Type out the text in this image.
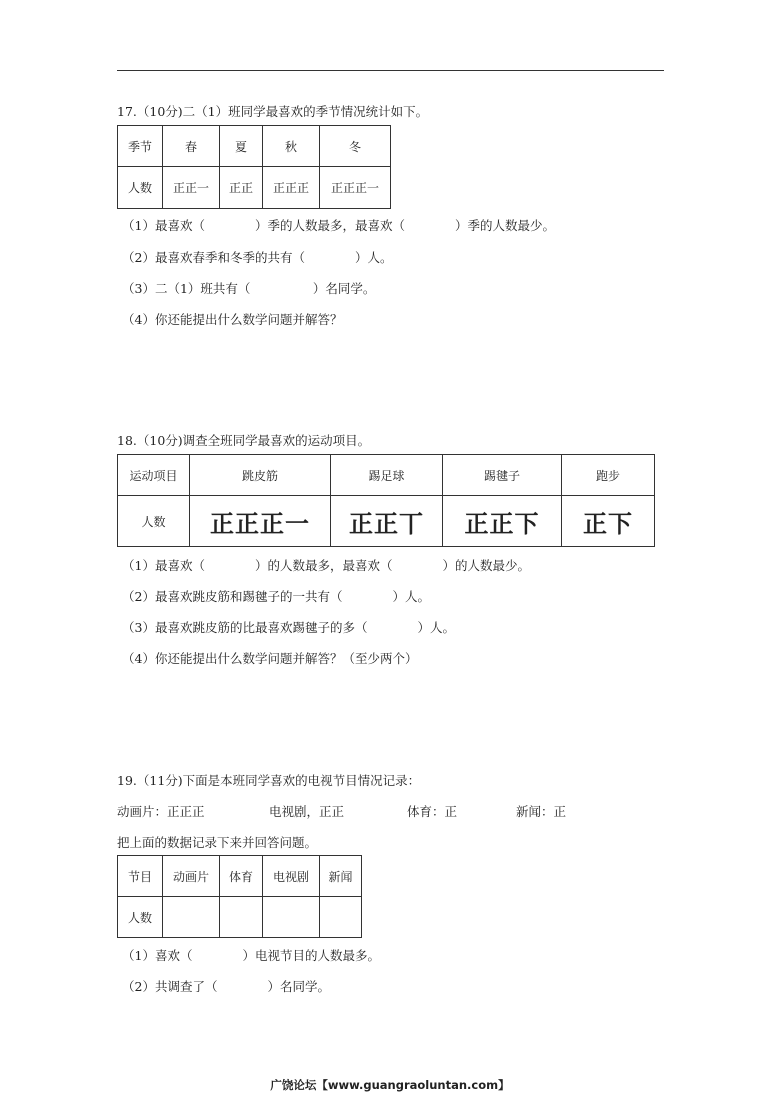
17.（10分)二（1）班同学最喜欢的季节情况统计如下。
季节	春	夏	秋	冬
人数	正正一	正正	正正正	正正正一
（1）最喜欢（　　　　）季的人数最多，最喜欢（　　　　）季的人数最少。
（2）最喜欢春季和冬季的共有（　　　　）人。
（3）二（1）班共有（　　　　　）名同学。
（4）你还能提出什么数学问题并解答？
18.（10分)调查全班同学最喜欢的运动项目。
运动项目	跳皮筋	踢足球	踢毽子	跑步
人数	正正正一	正正丅	正正下	正下
（1）最喜欢（　　　　）的人数最多，最喜欢（　　　　）的人数最少。
（2）最喜欢跳皮筋和踢毽子的一共有（　　　　）人。
（3）最喜欢跳皮筋的比最喜欢踢毽子的多（　　　　）人。
（4）你还能提出什么数学问题并解答？（至少两个）
19.（11分)下面是本班同学喜欢的电视节目情况记录：
动画片：正正正	电视剧，正正	体育：正	新闻：正
把上面的数据记录下来并回答问题。
节目	动画片	体育	电视剧	新闻
人数				
（1）喜欢（　　　　）电视节目的人数最多。
（2）共调查了（　　　　）名同学。
广饶论坛【www.guangraoluntan.com】
